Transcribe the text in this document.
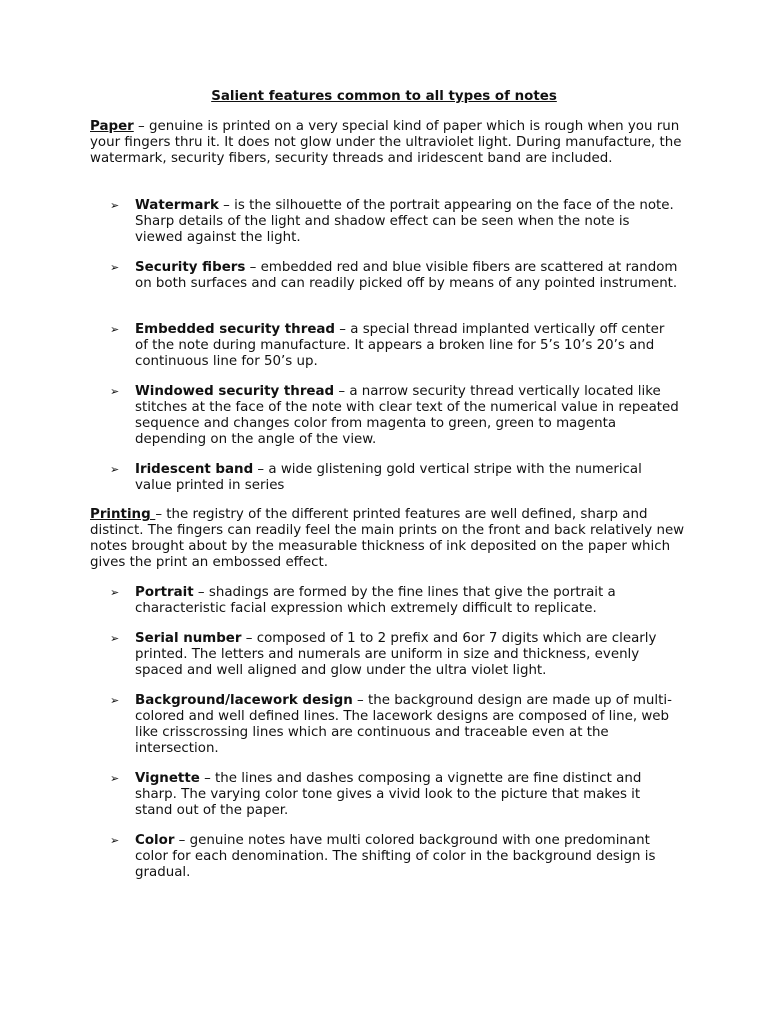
Salient features common to all types of notes

Paper – genuine is printed on a very special kind of paper which is rough when you run your fingers thru it. It does not glow under the ultraviolet light. During manufacture, the watermark, security fibers, security threads and iridescent band are included.

➢ Watermark – is the silhouette of the portrait appearing on the face of the note. Sharp details of the light and shadow effect can be seen when the note is viewed against the light.
➢ Security fibers – embedded red and blue visible fibers are scattered at random on both surfaces and can readily picked off by means of any pointed instrument.
➢ Embedded security thread – a special thread implanted vertically off center of the note during manufacture. It appears a broken line for 5’s 10’s 20’s and continuous line for 50’s up.
➢ Windowed security thread – a narrow security thread vertically located like stitches at the face of the note with clear text of the numerical value in repeated sequence and changes color from magenta to green, green to magenta depending on the angle of the view.
➢ Iridescent band – a wide glistening gold vertical stripe with the numerical value printed in series

Printing – the registry of the different printed features are well defined, sharp and distinct. The fingers can readily feel the main prints on the front and back relatively new notes brought about by the measurable thickness of ink deposited on the paper which gives the print an embossed effect.

➢ Portrait – shadings are formed by the fine lines that give the portrait a characteristic facial expression which extremely difficult to replicate.
➢ Serial number – composed of 1 to 2 prefix and 6or 7 digits which are clearly printed. The letters and numerals are uniform in size and thickness, evenly spaced and well aligned and glow under the ultra violet light.
➢ Background/lacework design – the background design are made up of multi-colored and well defined lines. The lacework designs are composed of line, web like crisscrossing lines which are continuous and traceable even at the intersection.
➢ Vignette – the lines and dashes composing a vignette are fine distinct and sharp. The varying color tone gives a vivid look to the picture that makes it stand out of the paper.
➢ Color – genuine notes have multi colored background with one predominant color for each denomination. The shifting of color in the background design is gradual.
